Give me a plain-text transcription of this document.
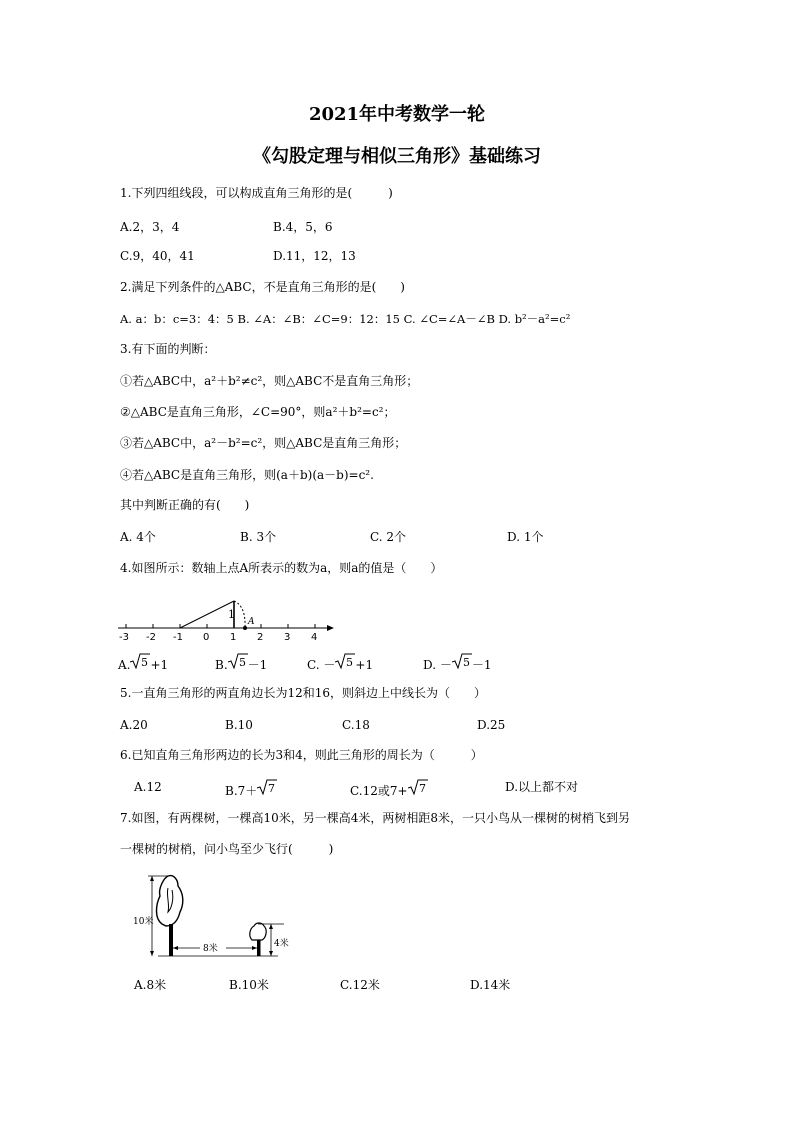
2021年中考数学一轮
《勾股定理与相似三角形》基础练习
1.下列四组线段，可以构成直角三角形的是(　　　)
A.2，3，4	B.4，5，6
C.9，40，41	D.11，12，13
2.满足下列条件的△ABC，不是直角三角形的是(　　)
A. a：b：c=3：4：5 B. ∠A：∠B：∠C=9：12：15 C. ∠C=∠A－∠B D. b²－a²=c²
3.有下面的判断：
①若△ABC中，a²＋b²≠c²，则△ABC不是直角三角形；
②△ABC是直角三角形，∠C=90°，则a²＋b²=c²；
③若△ABC中，a²－b²=c²，则△ABC是直角三角形；
④若△ABC是直角三角形，则(a＋b)(a－b)=c².
其中判断正确的有(　　)
A. 4个	B. 3个	C. 2个	D. 1个
4.如图所示：数轴上点A所表示的数为a，则a的值是（　　）
1
A
-3 -2 -1 0 1 2 3 4
A. 5 +1	B. 5 －1	C. － 5 +1	D. － 5 －1
5.一直角三角形的两直角边长为12和16，则斜边上中线长为（　　）
A.20	B.10	C.18	D.25
6.已知直角三角形两边的长为3和4，则此三角形的周长为（　　　）
A.12	B.7＋ 7	C.12或7+ 7	D.以上都不对
7.如图，有两棵树，一棵高10米，另一棵高4米，两树相距8米，一只小鸟从一棵树的树梢飞到另
一棵树的树梢，问小鸟至少飞行(　　　)
10米
8米	4米
A.8米	B.10米	C.12米	D.14米
